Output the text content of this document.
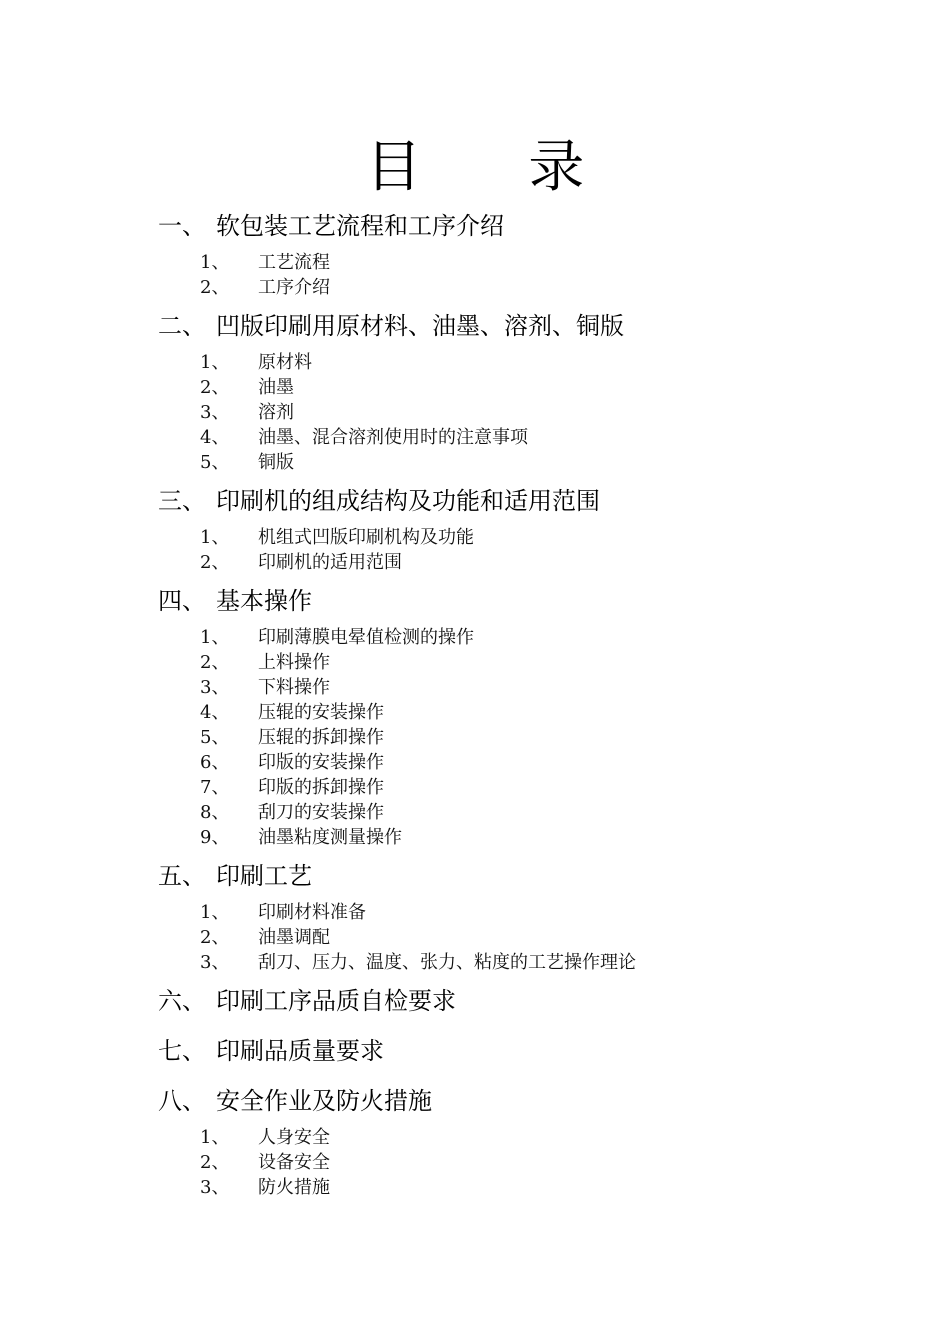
目      录
一、 软包装工艺流程和工序介绍
1、 工艺流程
2、 工序介绍
二、 凹版印刷用原材料、油墨、溶剂、铜版
1、 原材料
2、 油墨
3、 溶剂
4、 油墨、混合溶剂使用时的注意事项
5、 铜版
三、 印刷机的组成结构及功能和适用范围
1、 机组式凹版印刷机构及功能
2、 印刷机的适用范围
四、 基本操作
1、 印刷薄膜电晕值检测的操作
2、 上料操作
3、 下料操作
4、 压辊的安装操作
5、 压辊的拆卸操作
6、 印版的安装操作
7、 印版的拆卸操作
8、 刮刀的安装操作
9、 油墨粘度测量操作
五、 印刷工艺
1、 印刷材料准备
2、 油墨调配
3、 刮刀、压力、温度、张力、粘度的工艺操作理论
六、 印刷工序品质自检要求
七、 印刷品质量要求
八、 安全作业及防火措施
1、 人身安全
2、 设备安全
3、 防火措施
